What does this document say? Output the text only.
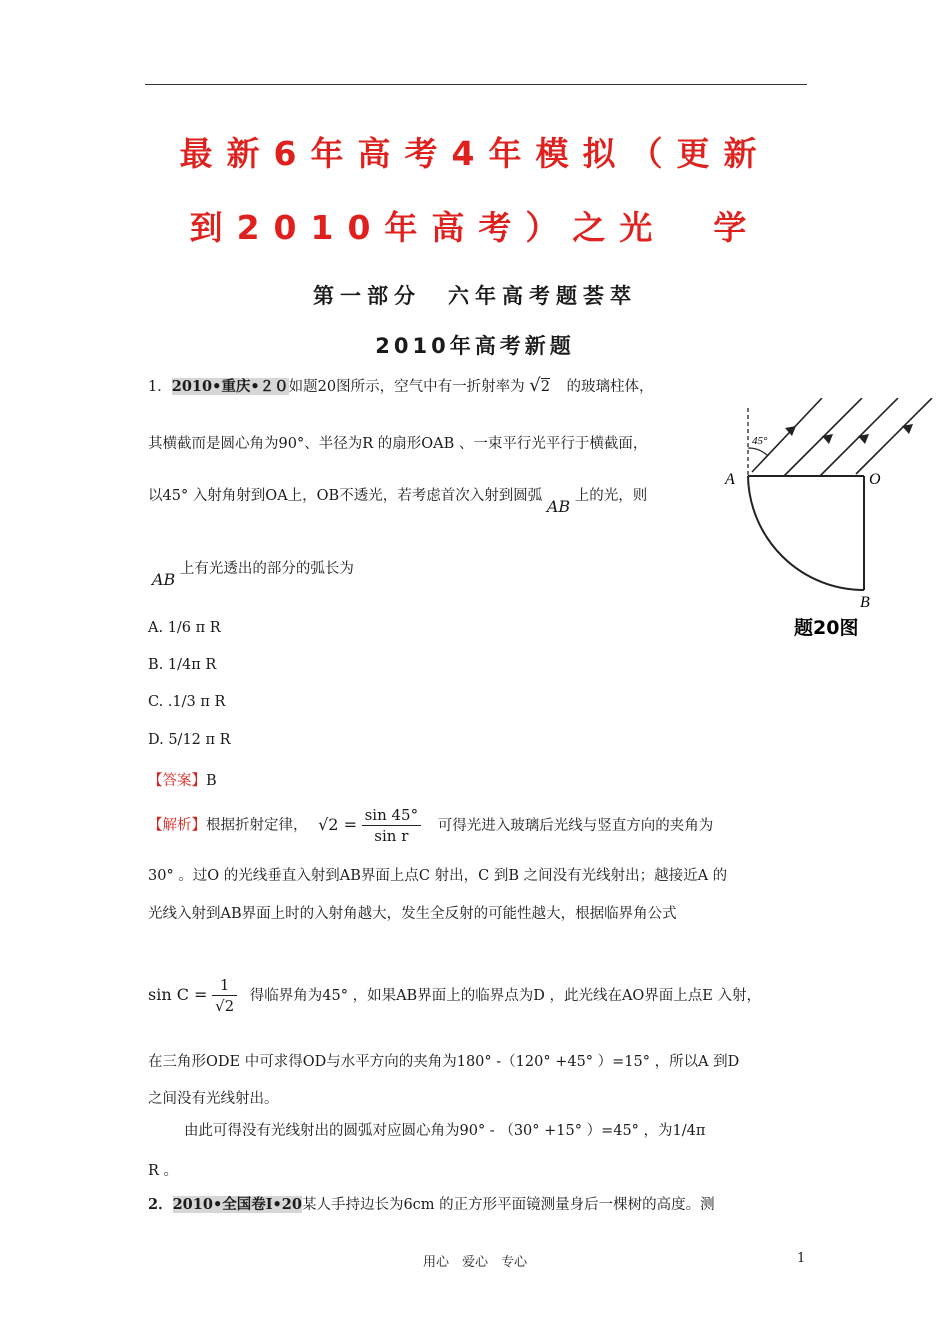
最新6年高考4年模拟（更新
到2010年高考）之光　学
第一部分　六年高考题荟萃
2010年高考新题
1．2010•重庆•２０如题20图所示，空气中有一折射率为 √2 的玻璃柱体，
其横截而是圆心角为90°、半径为R 的扇形OAB 、一束平行光平行于横截面，
以45° 入射角射到OA上，OB不透光，若考虑首次入射到圆弧 AB 上的光，则
AB 上有光透出的部分的弧长为
A. 1/6 π R
B. 1/4π R
C. .1/3 π R
D. 5/12 π R
【答案】B
【解析】根据折射定律， $√2 = \frac{\sin 45^\circ}{\text{sin r}}$ 可得光进入玻璃后光线与竖直方向的夹角为
30° 。过O 的光线垂直入射到AB界面上点C 射出，C 到B 之间没有光线射出；越接近A 的
光线入射到AB界面上时的入射角越大，发生全反射的可能性越大，根据临界角公式
$\sin C = \frac{1}{√2}$ 得临界角为45° ，如果AB界面上的临界点为D ，此光线在AO界面上点E 入射，
在三角形ODE 中可求得OD与水平方向的夹角为180° -（120° +45° ）=15° ，所以A 到D
之间没有光线射出。
由此可得没有光线射出的圆弧对应圆心角为90° - （30° +15° ）=45° ，为1/4π
R 。
2．2010•全国卷Ⅰ•20某人手持边长为6cm 的正方形平面镜测量身后一棵树的高度。测
45°
A	O
B
题20图
用心　爱心　专心	1
